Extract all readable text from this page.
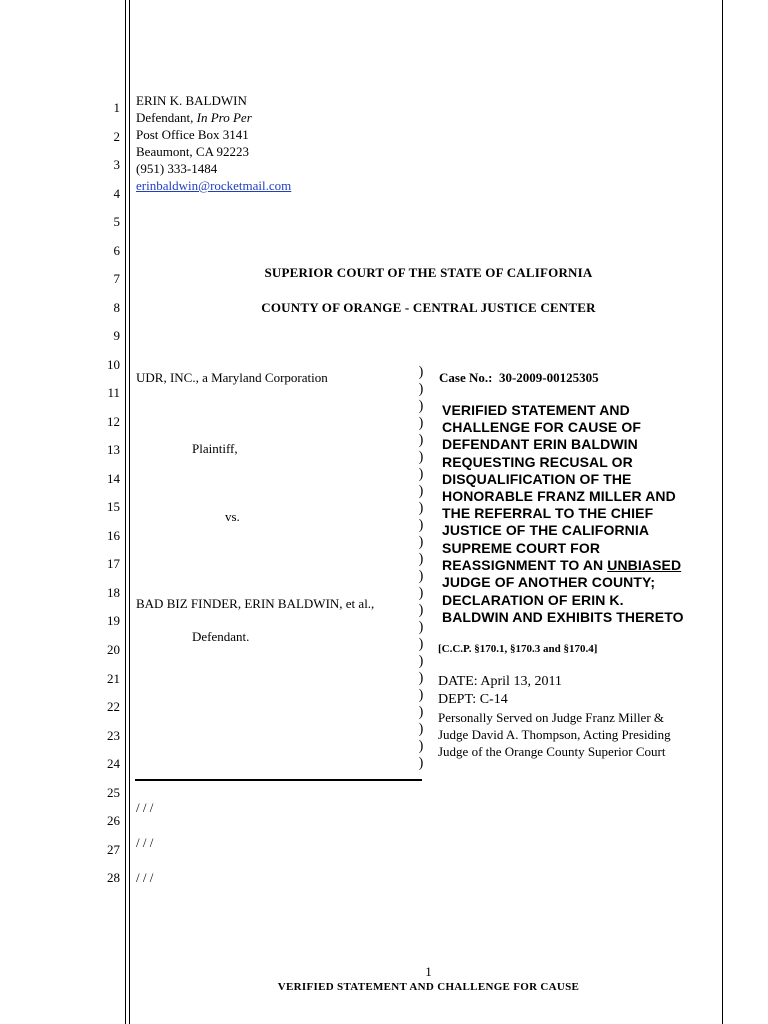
1
2
3
4
5
6
7
8
9
10
11
12
13
14
15
16
17
18
19
20
21
22
23
24
25
26
27
28
ERIN K. BALDWIN
Defendant, In Pro Per
Post Office Box 3141
Beaumont, CA 92223
(951) 333-1484
erinbaldwin@rocketmail.com
SUPERIOR COURT OF THE STATE OF CALIFORNIA
COUNTY OF ORANGE - CENTRAL JUSTICE CENTER
UDR, INC., a Maryland Corporation
Plaintiff,
vs.
BAD BIZ FINDER, ERIN BALDWIN, et al.,
Defendant.
)
)
)
)
)
)
)
)
)
)
)
)
)
)
)
)
)
)
)
)
)
)
)
)
Case No.: 30-2009-00125305
VERIFIED STATEMENT AND
CHALLENGE FOR CAUSE OF
DEFENDANT ERIN BALDWIN
REQUESTING RECUSAL OR
DISQUALIFICATION OF THE
HONORABLE FRANZ MILLER AND
THE REFERRAL TO THE CHIEF
JUSTICE OF THE CALIFORNIA
SUPREME COURT FOR
REASSIGNMENT TO AN UNBIASED
JUDGE OF ANOTHER COUNTY;
DECLARATION OF ERIN K.
BALDWIN AND EXHIBITS THERETO
[C.C.P. §170.1, §170.3 and §170.4]
DATE: April 13, 2011
DEPT: C-14
Personally Served on Judge Franz Miller &
Judge David A. Thompson, Acting Presiding
Judge of the Orange County Superior Court
/ / /
/ / /
/ / /
1
VERIFIED STATEMENT AND CHALLENGE FOR CAUSE
